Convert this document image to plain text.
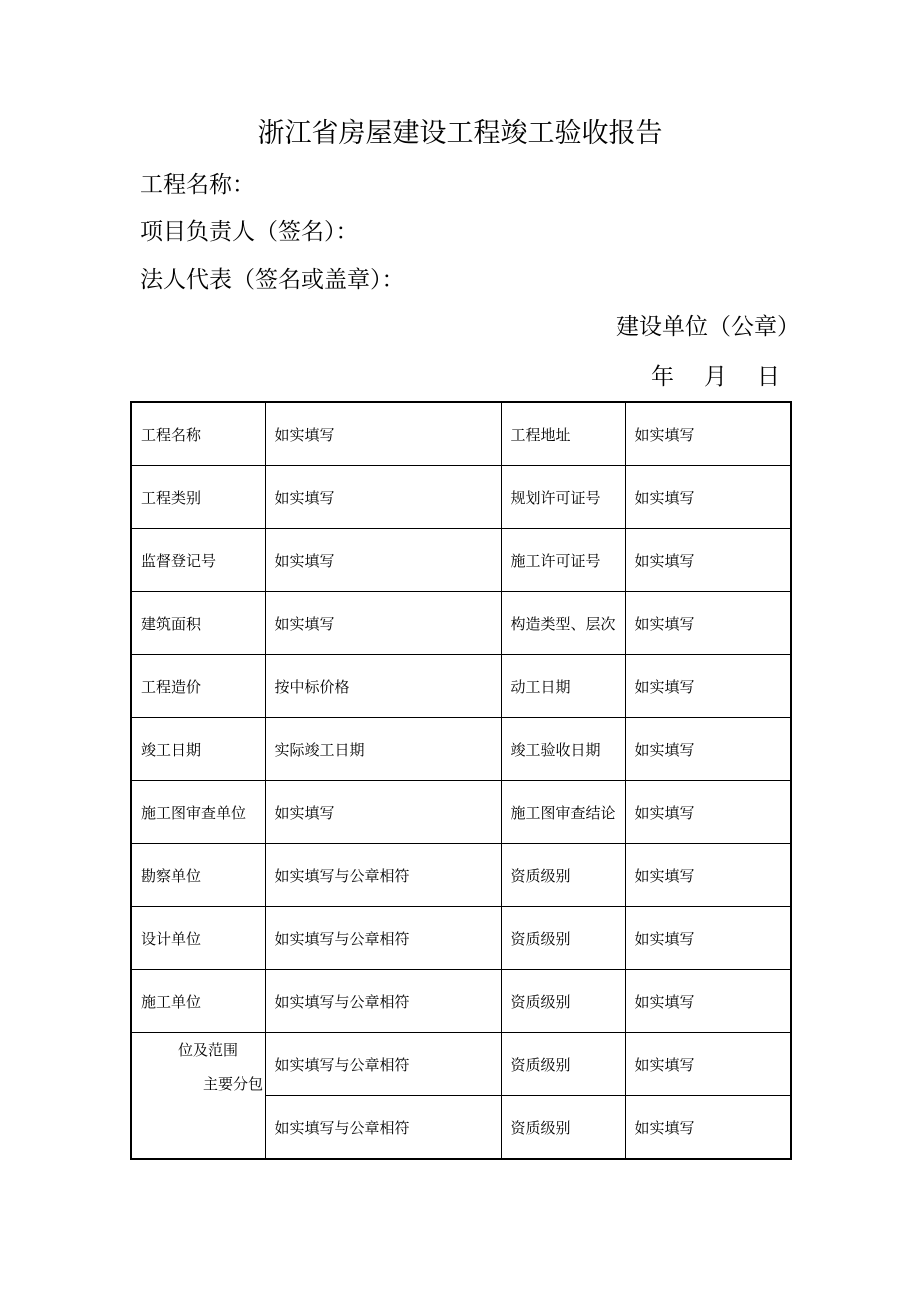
浙江省房屋建设工程竣工验收报告
工程名称：
项目负责人（签名）：
法人代表（签名或盖章）：
建设单位（公章）
年 月 日
工程名称	如实填写	工程地址	如实填写
工程类别	如实填写	规划许可证号	如实填写
监督登记号	如实填写	施工许可证号	如实填写
建筑面积	如实填写	构造类型、层次	如实填写
工程造价	按中标价格	动工日期	如实填写
竣工日期	实际竣工日期	竣工验收日期	如实填写
施工图审查单位	如实填写	施工图审查结论	如实填写
勘察单位	如实填写与公章相符	资质级别	如实填写
设计单位	如实填写与公章相符	资质级别	如实填写
施工单位	如实填写与公章相符	资质级别	如实填写

位及范围
主要分包	如实填写与公章相符	资质级别	如实填写
	如实填写与公章相符	资质级别	如实填写
